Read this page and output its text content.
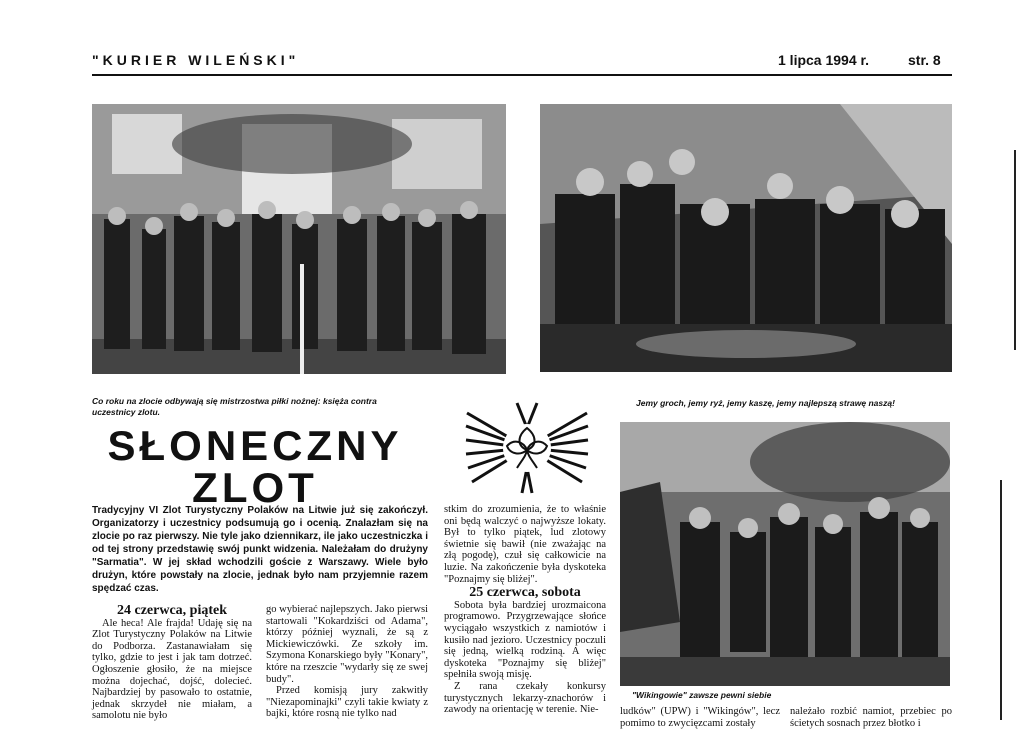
"KURIER WILEŃSKI"	1 lipca 1994 r.	str. 8
Co roku na zlocie odbywają się mistrzostwa piłki nożnej: księża contra uczestnicy zlotu.
Jemy groch, jemy ryż, jemy kaszę, jemy najlepszą strawę naszą!
SŁONECZNY
ZLOT
Tradycyjny VI Zlot Turystyczny Polaków na Litwie już się zakończył. Organizatorzy i uczestnicy podsumują go i ocenią. Znalazłam się na zlocie po raz pierwszy. Nie tyle jako dziennikarz, ile jako uczestniczka i od tej strony przedstawię swój punkt widzenia. Należałam do drużyny "Sarmatia". W jej skład wchodzili goście z Warszawy. Wiele było drużyn, które powstały na zlocie, jednak było nam przyjemnie razem spędzać czas.
24 czerwca, piątek

Ale heca! Ale frajda! Udaję się na Zlot Turystyczny Polaków na Litwie do Podborza. Zastanawiałam się tylko, gdzie to jest i jak tam dotrzeć. Ogłoszenie głosiło, że na miejsce można dojechać, dojść, dolecieć. Najbardziej by pasowało to ostatnie, jednak skrzydeł nie miałam, a samolotu nie było

go wybierać najlepszych. Jako pierwsi startowali "Kokardziści od Adama", którzy później wyznali, że są z Mickiewiczówki. Ze szkoły im. Szymona Konarskiego były "Konary", które na rzeszcie "wydarły się ze swej budy".

Przed komisją jury zakwitły "Niezapominajki" czyli takie kwiaty z bajki, które rosną nie tylko nad

stkim do zrozumienia, że to właśnie oni będą walczyć o najwyższe lokaty. Był to tylko piątek, lud zlotowy świetnie się bawił (nie zważając na złą pogodę), czuł się całkowicie na luzie. Na zakończenie była dyskoteka "Poznajmy się bliżej".

25 czerwca, sobota

Sobota była bardziej urozmaicona programowo. Przygrzewające słońce wyciągało wszystkich z namiotów i kusiło nad jezioro. Uczestnicy poczuli się jedną, wielką rodziną. A więc dyskoteka "Poznajmy się bliżej" spełniła swoją misję.

Z rana czekały konkursy turystycznych lekarzy-znachorów i zawody na orientację w terenie. Nie-

"Wikingowie" zawsze pewni siebie

ludków" (UPW) i "Wikingów", lecz pomimo to zwycięzcami zostały

należało rozbić namiot, przebiec po ścietych sosnach przez błotko i
